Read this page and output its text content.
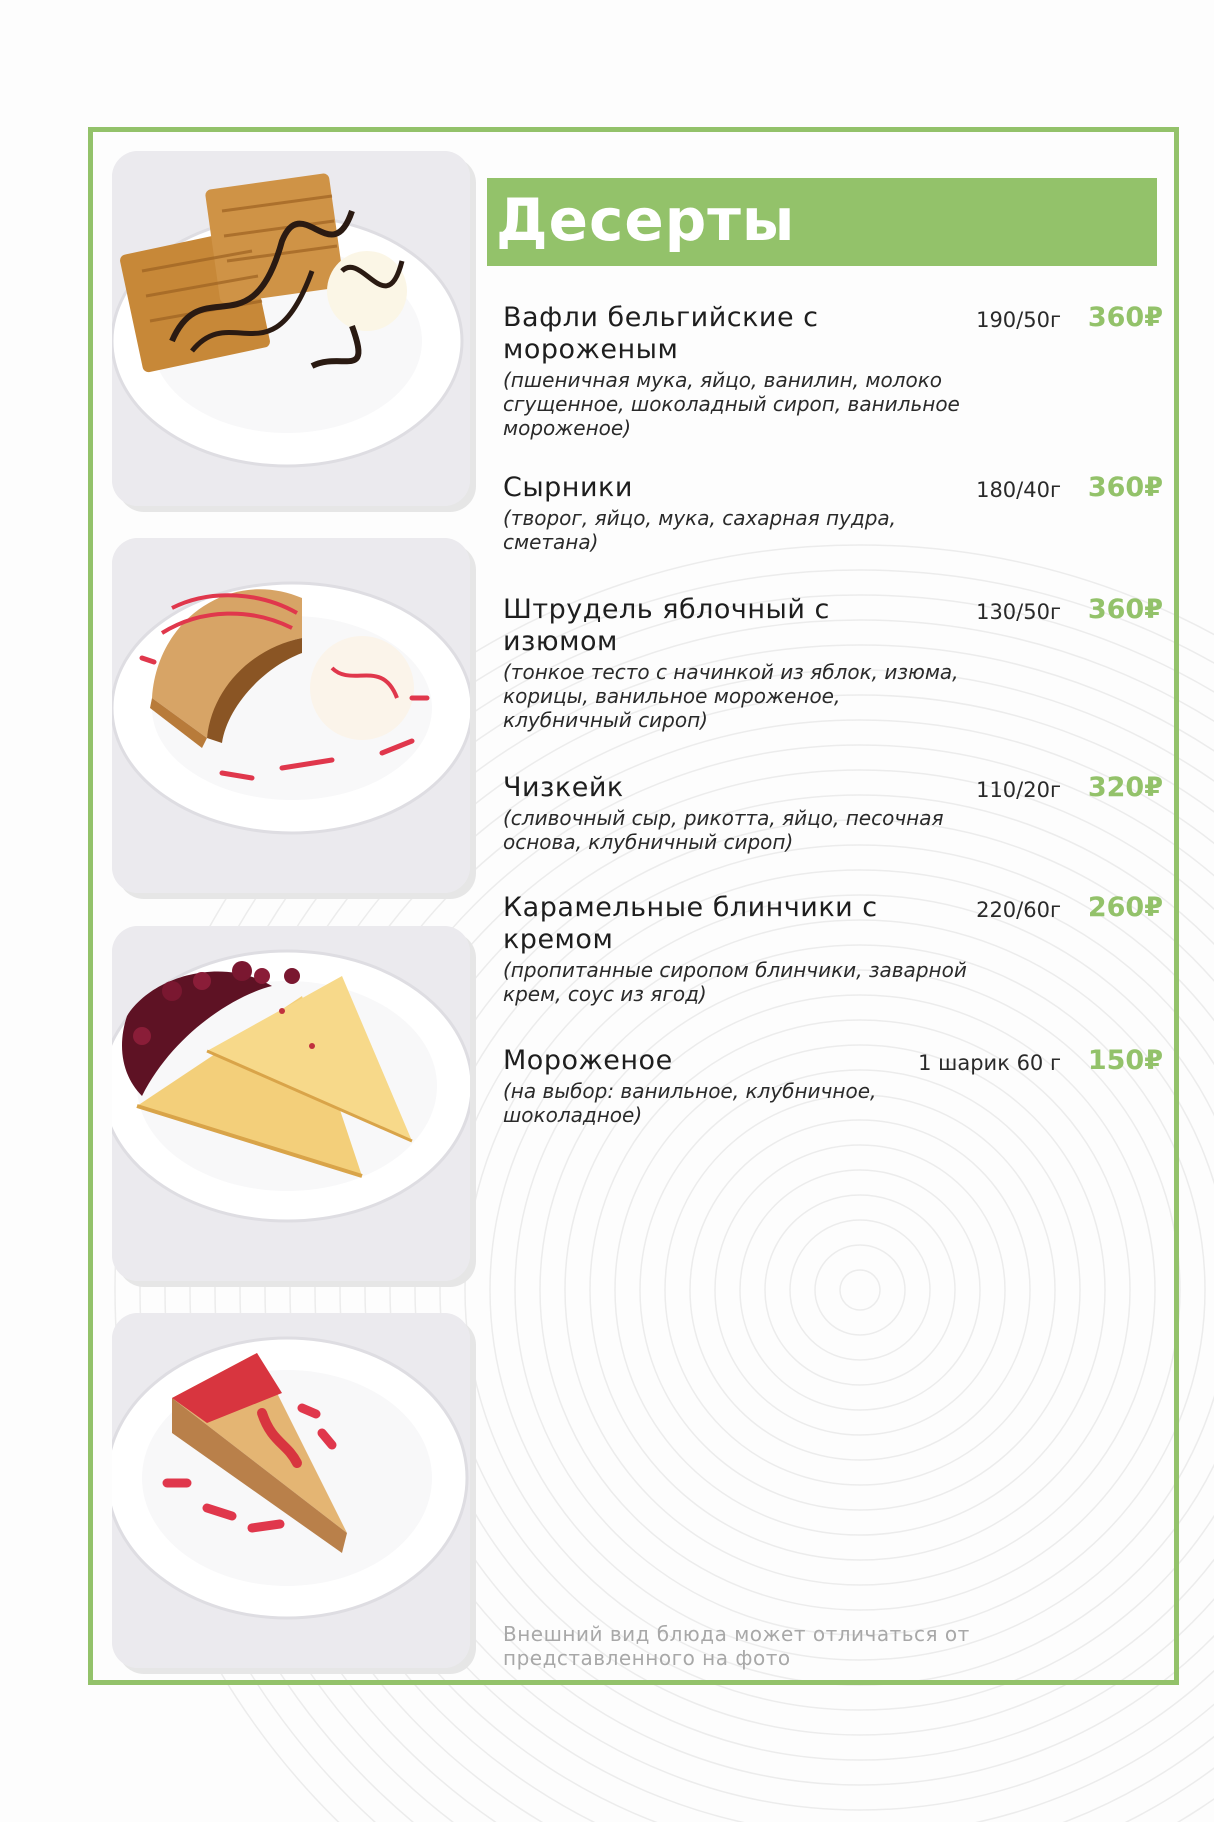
Десерты
Вафли бельгийские с мороженым
(пшеничная мука, яйцо, ванилин, молоко сгущенное, шоколадный сироп, ванильное мороженое)
190/50г 360₽
Сырники
(творог, яйцо, мука, сахарная пудра, сметана)
180/40г 360₽
Штрудель яблочный с изюмом
(тонкое тесто с начинкой из яблок, изюма, корицы, ванильное мороженое, клубничный сироп)
130/50г 360₽
Чизкейк
(сливочный сыр, рикотта, яйцо, песочная основа, клубничный сироп)
110/20г 320₽
Карамельные блинчики с кремом
(пропитанные сиропом блинчики, заварной крем, соус из ягод)
220/60г 260₽
Мороженое
(на выбор: ванильное, клубничное, шоколадное)
1 шарик 60 г 150₽
Внешний вид блюда может отличаться от представленного на фото
